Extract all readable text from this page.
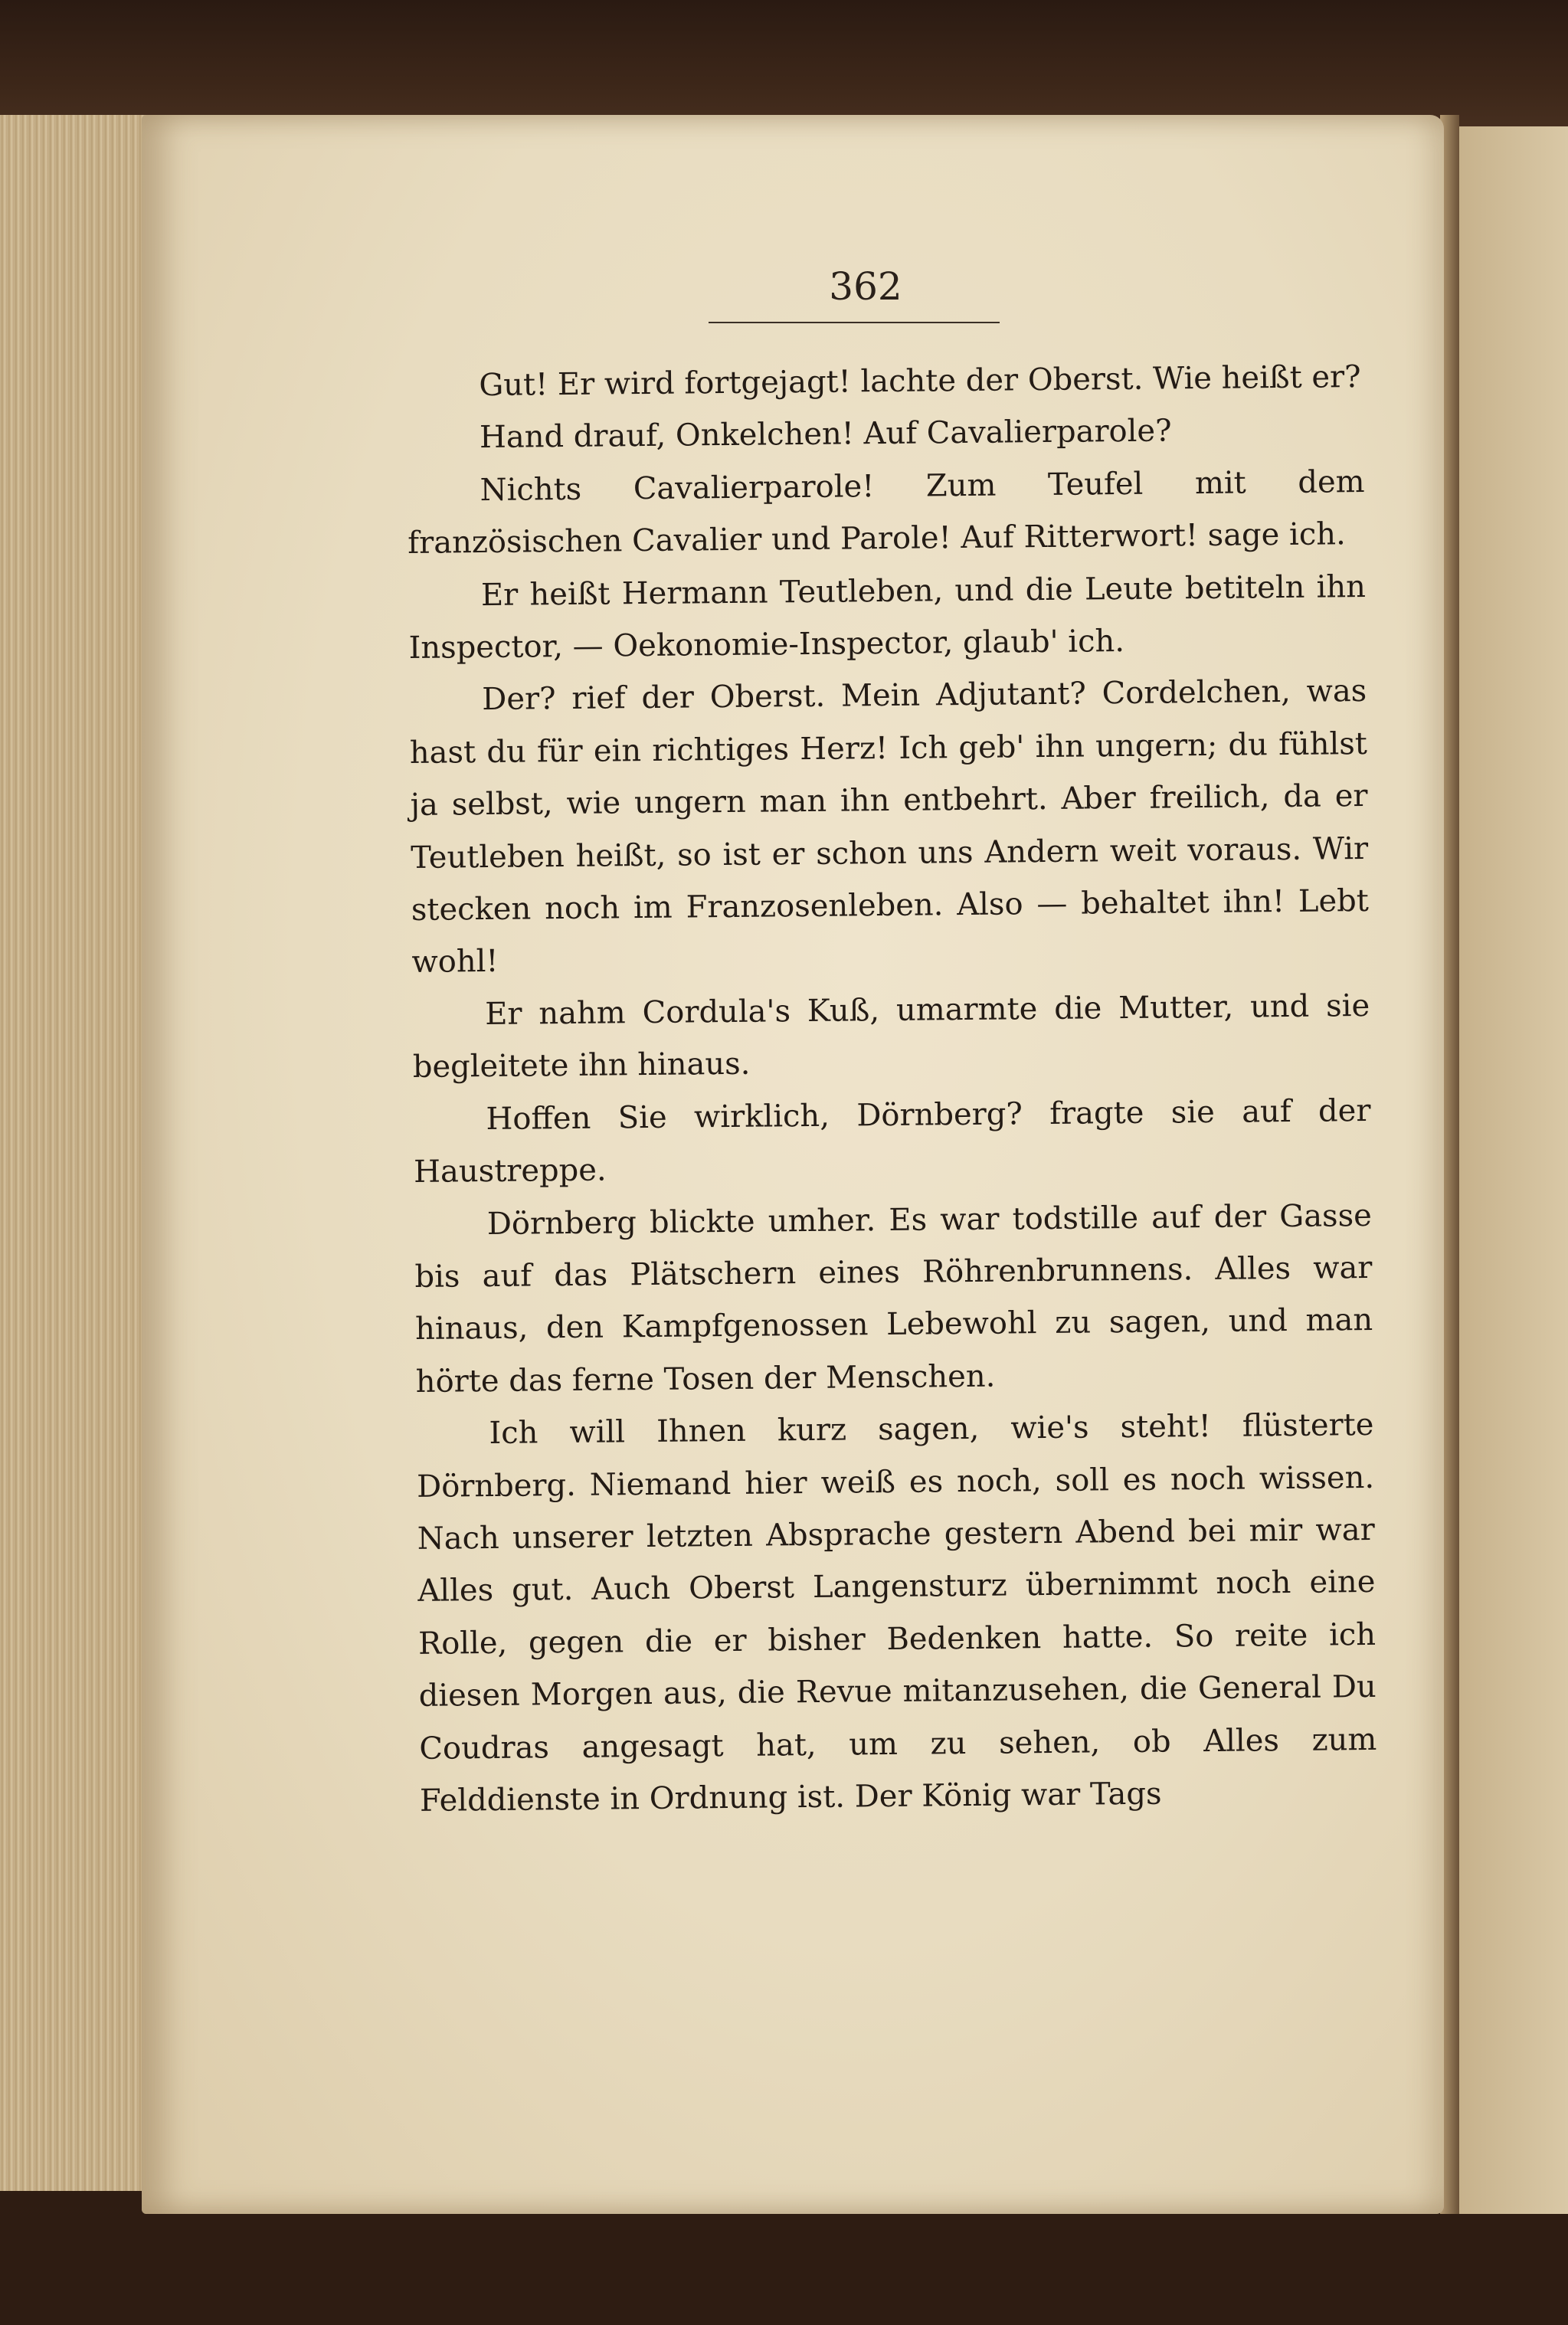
362

Gut! Er wird fortgejagt! lachte der Oberst. Wie heißt er?

Hand drauf, Onkelchen! Auf Cavalierparole?

Nichts Cavalierparole! Zum Teufel mit dem französischen Cavalier und Parole! Auf Ritterwort! sage ich.

Er heißt Hermann Teutleben, und die Leute betiteln ihn Inspector, — Oekonomie-Inspector, glaub' ich.

Der? rief der Oberst. Mein Adjutant? Cordelchen, was hast du für ein richtiges Herz! Ich geb' ihn ungern; du fühlst ja selbst, wie ungern man ihn entbehrt. Aber freilich, da er Teutleben heißt, so ist er schon uns Andern weit voraus. Wir stecken noch im Franzosenleben. Also — behaltet ihn! Lebt wohl!

Er nahm Cordula's Kuß, umarmte die Mutter, und sie begleitete ihn hinaus.

Hoffen Sie wirklich, Dörnberg? fragte sie auf der Haustreppe.

Dörnberg blickte umher. Es war todstille auf der Gasse bis auf das Plätschern eines Röhrenbrunnens. Alles war hinaus, den Kampfgenossen Lebewohl zu sagen, und man hörte das ferne Tosen der Menschen.

Ich will Ihnen kurz sagen, wie's steht! flüsterte Dörnberg. Niemand hier weiß es noch, soll es noch wissen. Nach unserer letzten Absprache gestern Abend bei mir war Alles gut. Auch Oberst Langensturz übernimmt noch eine Rolle, gegen die er bisher Bedenken hatte. So reite ich diesen Morgen aus, die Revue mitanzusehen, die General Du Coudras angesagt hat, um zu sehen, ob Alles zum Felddienste in Ordnung ist. Der König war Tags
